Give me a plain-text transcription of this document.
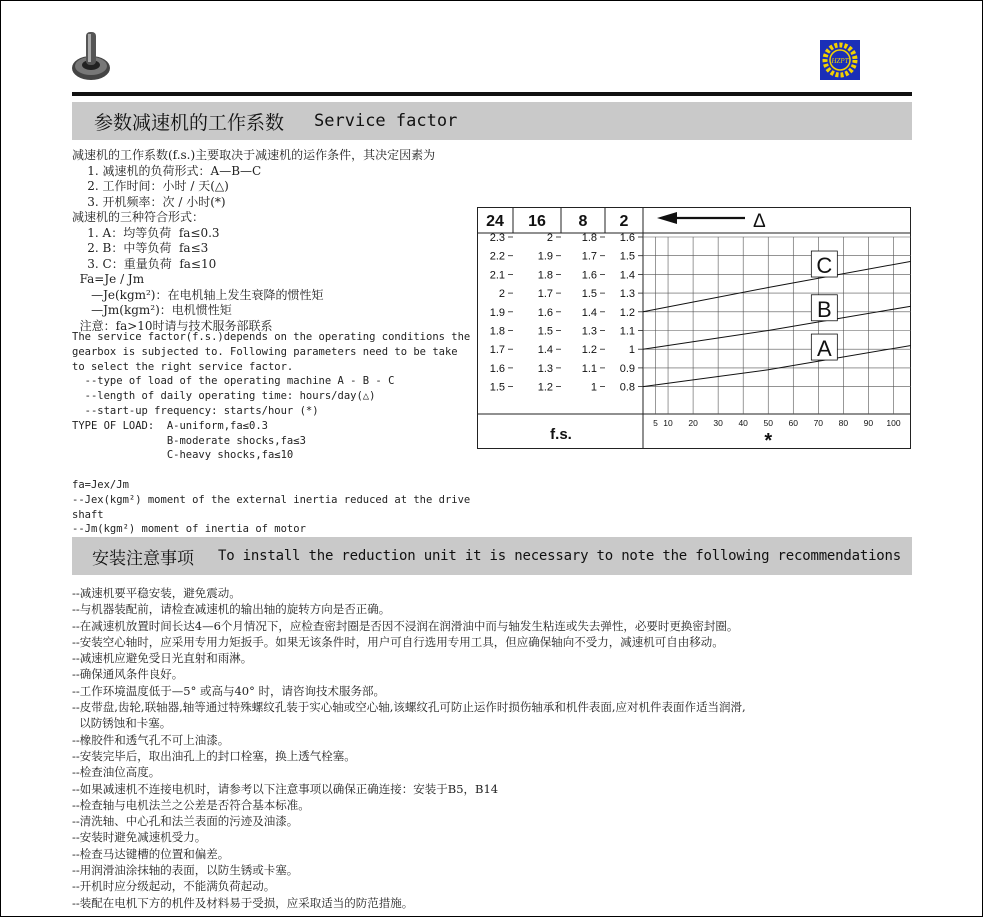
HZPT
参数减速机的工作系数 Service factor
减速机的工作系数(f.s.)主要取决于减速机的运作条件，其决定因素为
1. 减速机的负荷形式：A—B—C
2. 工作时间：小时 / 天(△)
3. 开机频率：次 / 小时(*)
减速机的三种符合形式：
1. A：均等负荷  fa≤0.3
2. B：中等负荷  fa≤3
3. C：重量负荷  fa≤10
Fa=Je / Jm
—Je(kgm²)：在电机轴上发生衰降的惯性矩
—Jm(kgm²)：电机惯性矩
注意：fa>10时请与技术服务部联系
The service factor(f.s.)depends on the operating conditions the
gearbox is subjected to. Following parameters need to be take
to select the right service factor.
--type of load of the operating machine A - B - C
--length of daily operating time: hours/day(△)
--start-up frequency: starts/hour (*)
TYPE OF LOAD:  A-uniform,fa≤0.3
B-moderate shocks,fa≤3
C-heavy shocks,fa≤10

fa=Jex/Jm
--Jex(kgm²) moment of the external inertia reduced at the drive
shaft
--Jm(kgm²) moment of inertia of motor
24 16 8 2	Δ
2.3
2.2
2.1
2
1.9
1.8
1.7
1.6
1.5
2
1.9
1.8
1.7
1.6
1.5
1.4
1.3
1.2
1.8
1.7
1.6
1.5
1.4
1.3
1.2
1.1
1
1.6
1.5
1.4
1.3
1.2
1.1
1
0.9
0.8
f.s.
5 10 20 30 40 50 60 70 80 90 100
*
A
B
C
安装注意事项 To install the reduction unit it is necessary to note the following recommendations
--减速机要平稳安装，避免震动。
--与机器装配前，请检查减速机的输出轴的旋转方向是否正确。
--在减速机放置时间长达4—6个月情况下，应检查密封圈是否因不浸润在润滑油中而与轴发生粘连或失去弹性，必要时更换密封圈。
--安装空心轴时，应采用专用力矩扳手。如果无该条件时，用户可自行选用专用工具，但应确保轴向不受力，减速机可自由移动。
--减速机应避免受日光直射和雨淋。
--确保通风条件良好。
--工作环境温度低于—5° 或高与40° 时，请咨询技术服务部。
--皮带盘,齿轮,联轴器,轴等通过特殊螺纹孔装于实心轴或空心轴,该螺纹孔可防止运作时损伤轴承和机件表面,应对机件表面作适当润滑,
以防锈蚀和卡塞。
--橡胶件和透气孔不可上油漆。
--安装完毕后，取出油孔上的封口栓塞，换上透气栓塞。
--检查油位高度。
--如果减速机不连接电机时，请参考以下注意事项以确保正确连接：安装于B5，B14
--检查轴与电机法兰之公差是否符合基本标准。
--清洗轴、中心孔和法兰表面的污迹及油漆。
--安装时避免减速机受力。
--检查马达键槽的位置和偏差。
--用润滑油涂抹轴的表面，以防生锈或卡塞。
--开机时应分级起动，不能满负荷起动。
--装配在电机下方的机件及材料易于受损，应采取适当的防范措施。
